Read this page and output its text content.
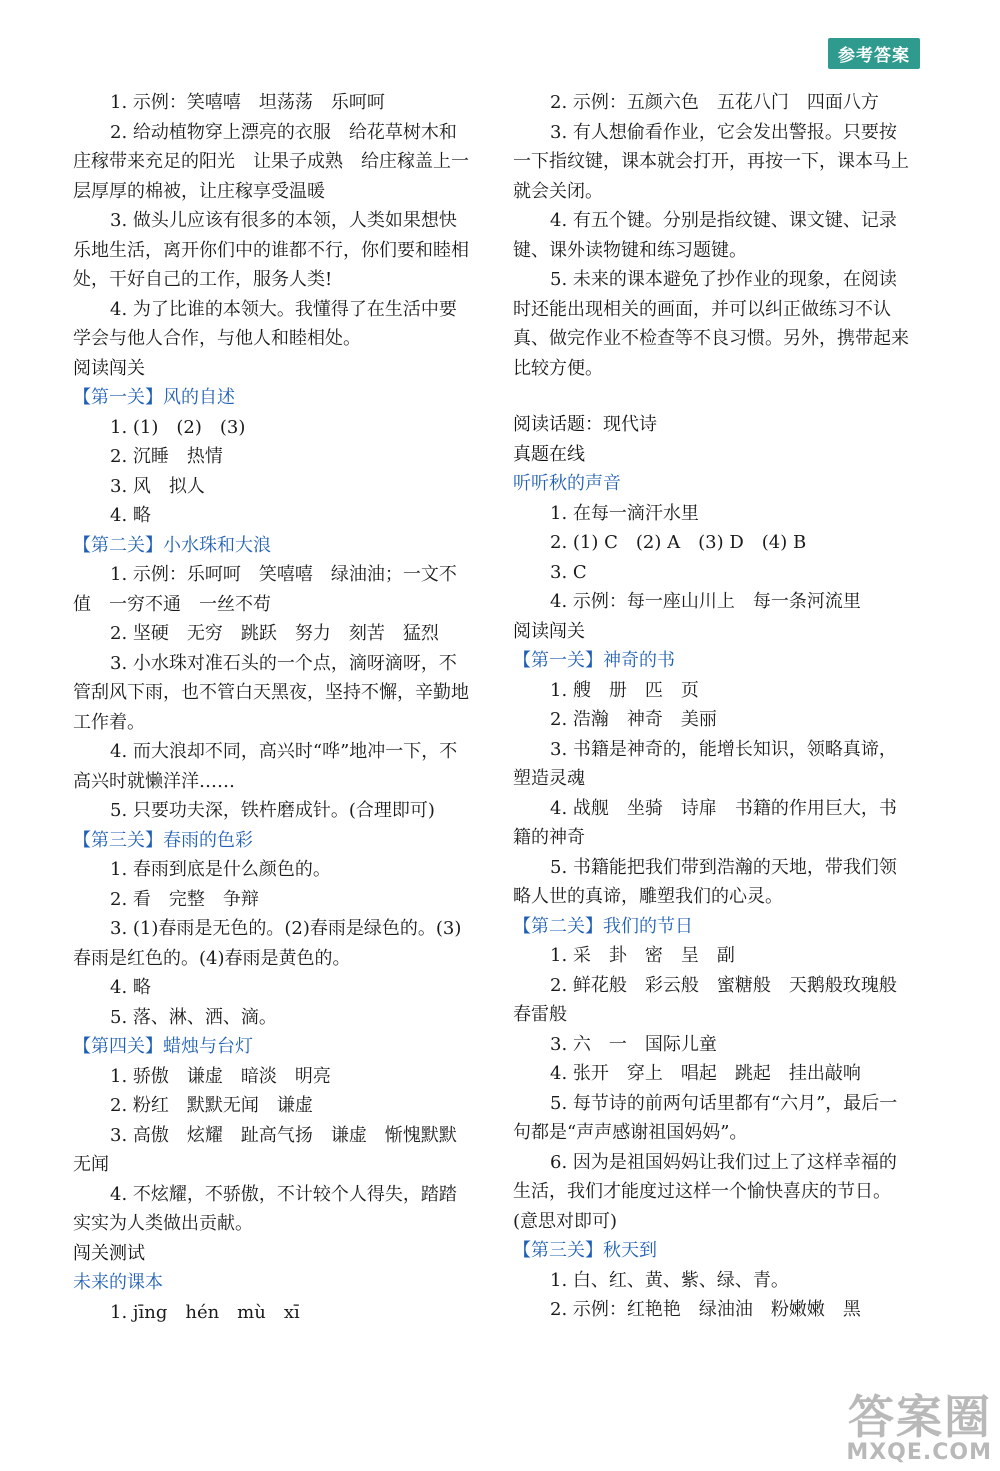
参考答案
1. 示例：笑嘻嘻　坦荡荡　乐呵呵
2. 给动植物穿上漂亮的衣服　给花草树木和庄稼带来充足的阳光　让果子成熟　给庄稼盖上一层厚厚的棉被，让庄稼享受温暖
3. 做头儿应该有很多的本领，人类如果想快乐地生活，离开你们中的谁都不行，你们要和睦相处，干好自己的工作，服务人类!
4. 为了比谁的本领大。我懂得了在生活中要学会与他人合作，与他人和睦相处。
阅读闯关
【第一关】风的自述
1. (1)　(2)　(3)
2. 沉睡　热情
3. 风　拟人
4. 略
【第二关】小水珠和大浪
1. 示例：乐呵呵　笑嘻嘻　绿油油；一文不值　一穷不通　一丝不苟
2. 坚硬　无穷　跳跃　努力　刻苦　猛烈
3. 小水珠对准石头的一个点，滴呀滴呀，不管刮风下雨，也不管白天黑夜，坚持不懈，辛勤地工作着。
4. 而大浪却不同，高兴时“哗”地冲一下，不高兴时就懒洋洋……
5. 只要功夫深，铁杵磨成针。(合理即可)
【第三关】春雨的色彩
1. 春雨到底是什么颜色的。
2. 看　完整　争辩
3. (1)春雨是无色的。(2)春雨是绿色的。(3)春雨是红色的。(4)春雨是黄色的。
4. 略
5. 落、淋、洒、滴。
【第四关】蜡烛与台灯
1. 骄傲　谦虚　暗淡　明亮
2. 粉红　默默无闻　谦虚
3. 高傲　炫耀　趾高气扬　谦虚　惭愧默默无闻
4. 不炫耀，不骄傲，不计较个人得失，踏踏实实为人类做出贡献。
闯关测试
未来的课本
1. jīng　hén　mù　xī
2. 示例：五颜六色　五花八门　四面八方
3. 有人想偷看作业，它会发出警报。只要按一下指纹键，课本就会打开，再按一下，课本马上就会关闭。
4. 有五个键。分别是指纹键、课文键、记录键、课外读物键和练习题键。
5. 未来的课本避免了抄作业的现象，在阅读时还能出现相关的画面，并可以纠正做练习不认真、做完作业不检查等不良习惯。另外，携带起来比较方便。
阅读话题：现代诗
真题在线
听听秋的声音
1. 在每一滴汗水里
2. (1) C　(2) A　(3) D　(4) B
3. C
4. 示例：每一座山川上　每一条河流里
阅读闯关
【第一关】神奇的书
1. 艘　册　匹　页
2. 浩瀚　神奇　美丽
3. 书籍是神奇的，能增长知识，领略真谛，塑造灵魂
4. 战舰　坐骑　诗扉　书籍的作用巨大，书籍的神奇
5. 书籍能把我们带到浩瀚的天地，带我们领略人世的真谛，雕塑我们的心灵。
【第二关】我们的节日
1. 采　卦　密　呈　副
2. 鲜花般　彩云般　蜜糖般　天鹅般玫瑰般　春雷般
3. 六　一　国际儿童
4. 张开　穿上　唱起　跳起　挂出敲响
5. 每节诗的前两句话里都有“六月”，最后一句都是“声声感谢祖国妈妈”。
6. 因为是祖国妈妈让我们过上了这样幸福的生活，我们才能度过这样一个愉快喜庆的节日。(意思对即可)
【第三关】秋天到
1. 白、红、黄、紫、绿、青。
2. 示例：红艳艳　绿油油　粉嫩嫩　黑
答案圈
MXQE.COM
